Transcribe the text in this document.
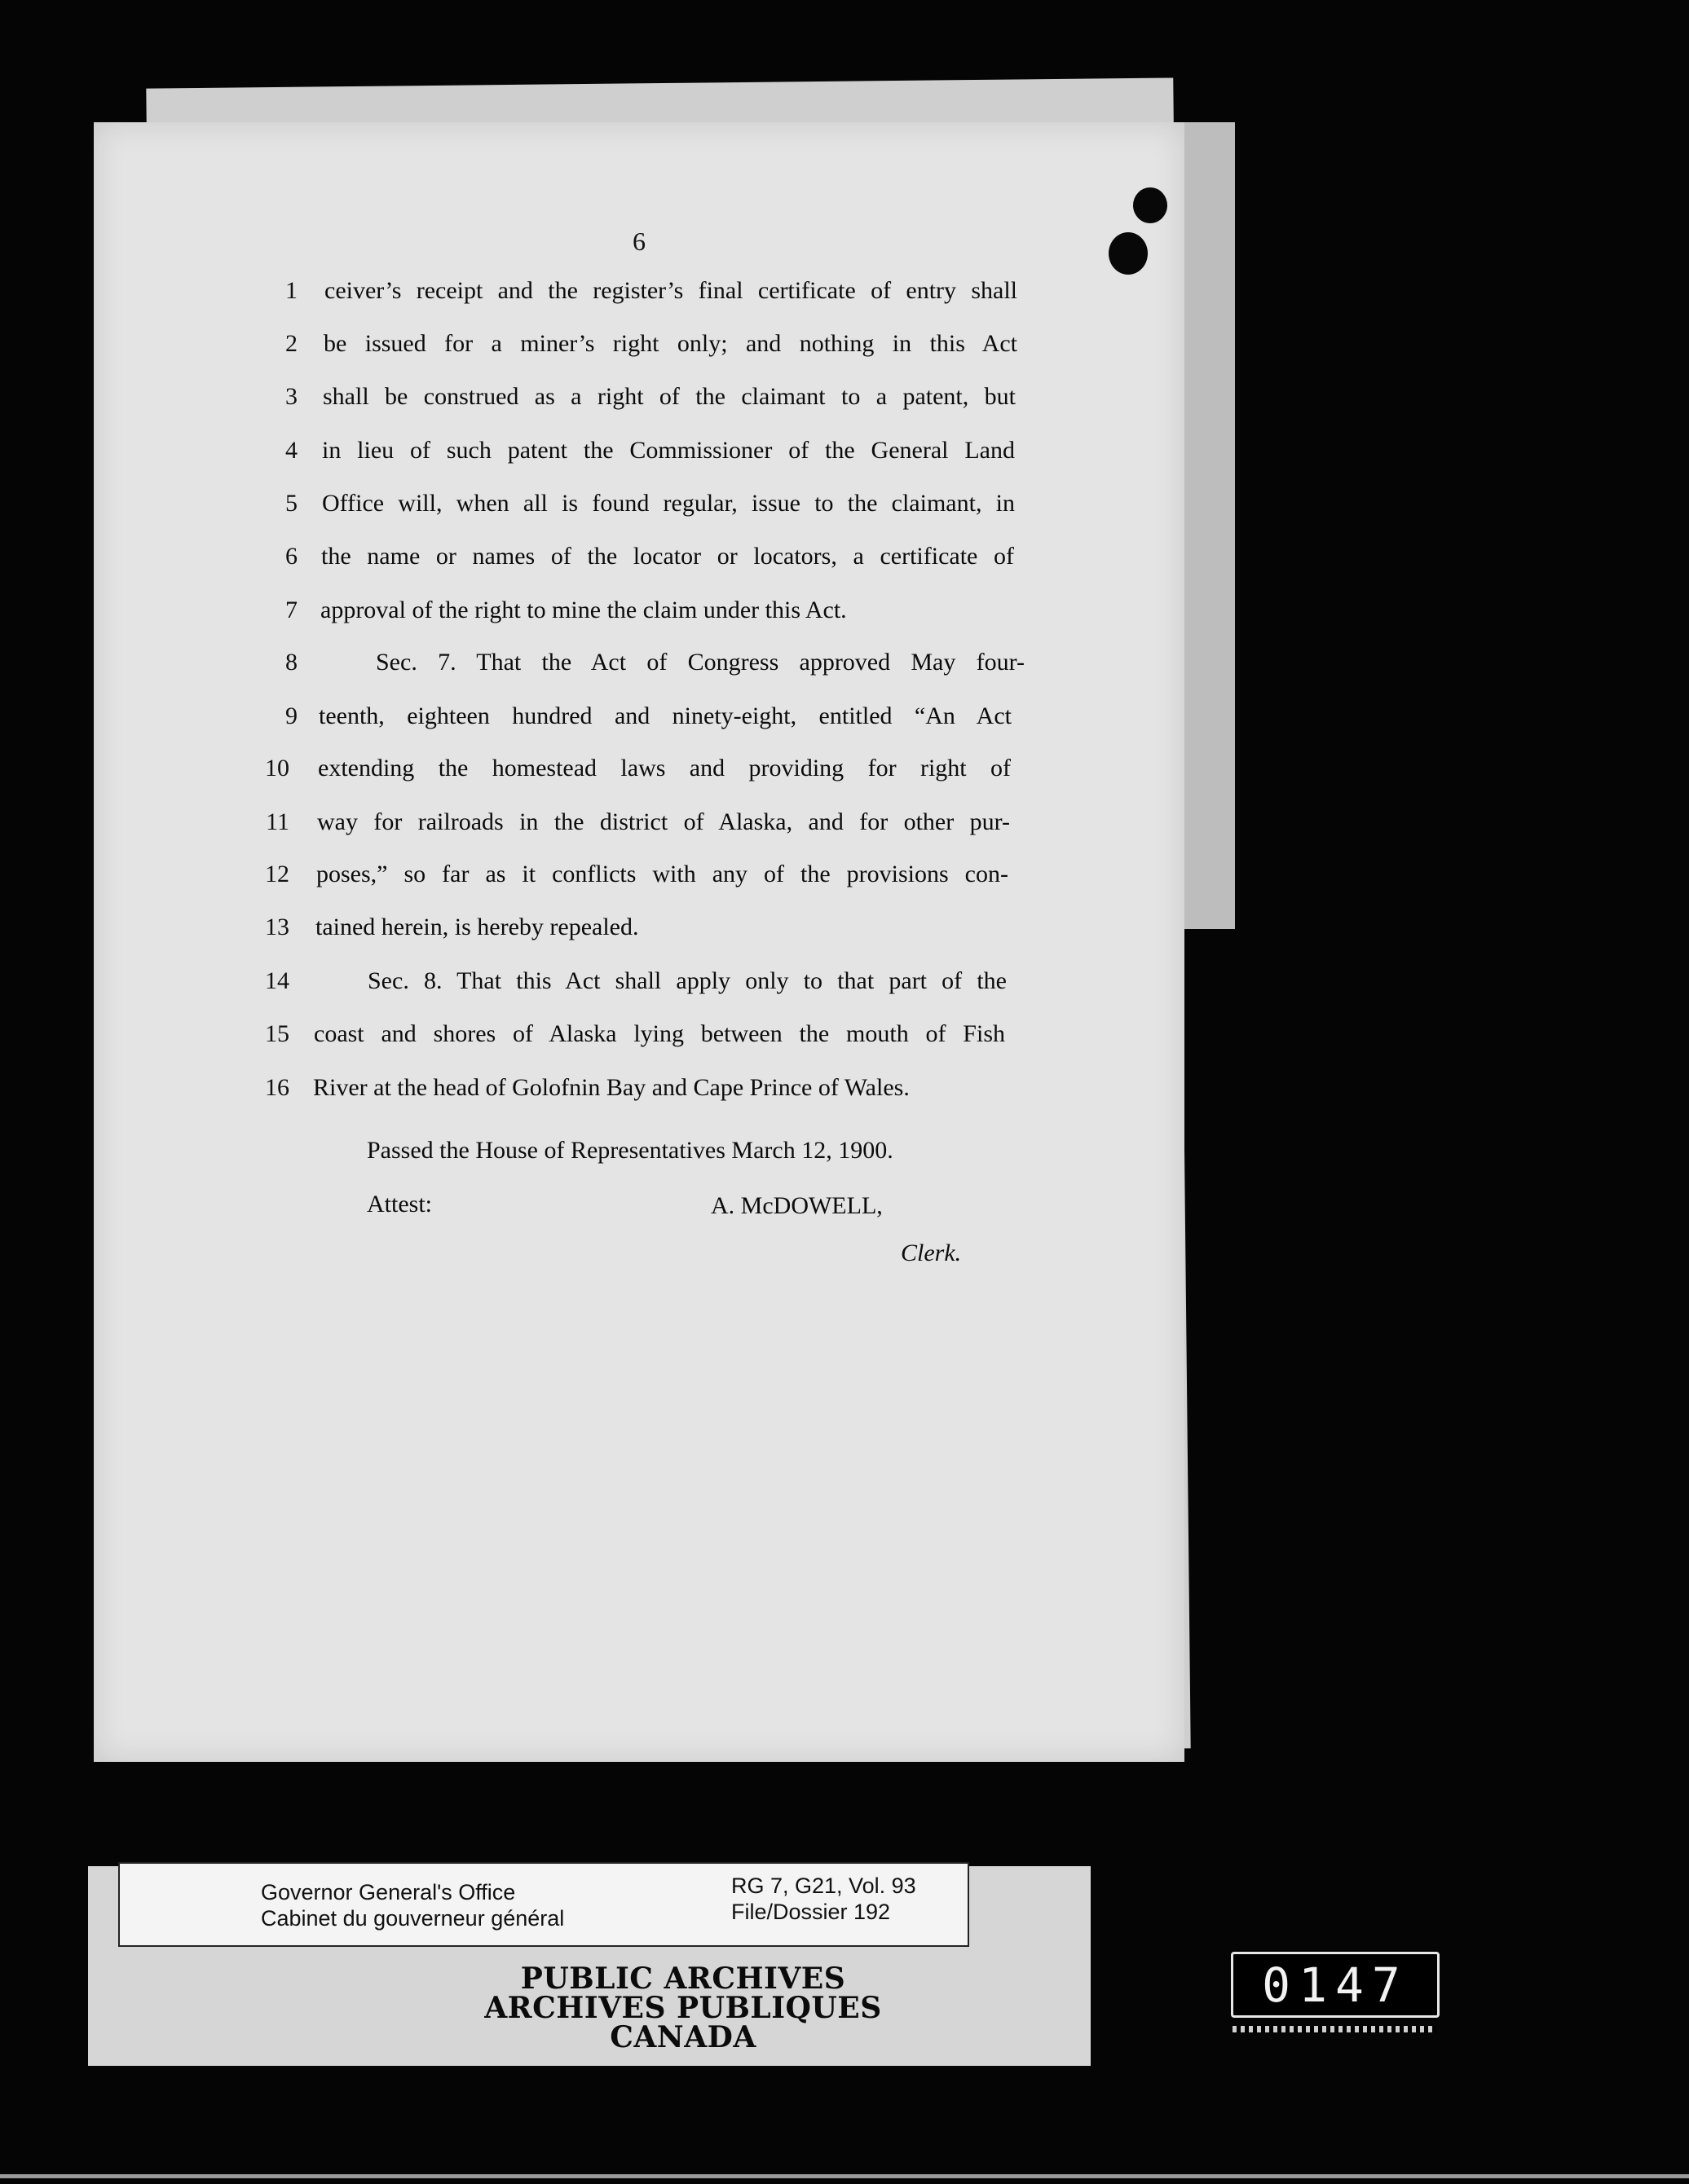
6
1 ceiver’s receipt and the register’s final certificate of entry shall
2 be issued for a miner’s right only; and nothing in this Act
3 shall be construed as a right of the claimant to a patent, but
4 in lieu of such patent the Commissioner of the General Land
5 Office will, when all is found regular, issue to the claimant, in
6 the name or names of the locator or locators, a certificate of
7 approval of the right to mine the claim under this Act.
8	Sec. 7. That the Act of Congress approved May four-
9 teenth, eighteen hundred and ninety-eight, entitled “An Act
10 extending the homestead laws and providing for right of
11 way for railroads in the district of Alaska, and for other pur-
12 poses,” so far as it conflicts with any of the provisions con-
13 tained herein, is hereby repealed.
14	Sec. 8. That this Act shall apply only to that part of the
15 coast and shores of Alaska lying between the mouth of Fish
16 River at the head of Golofnin Bay and Cape Prince of Wales.
Passed the House of Representatives March 12, 1900.
Attest:	A. McDOWELL,
Clerk.
PUBLIC ARCHIVES
ARCHIVES PUBLIQUES
CANADA
Governor General's Office
Cabinet du gouverneur général
RG 7, G21, Vol. 93
File/Dossier 192
0147
